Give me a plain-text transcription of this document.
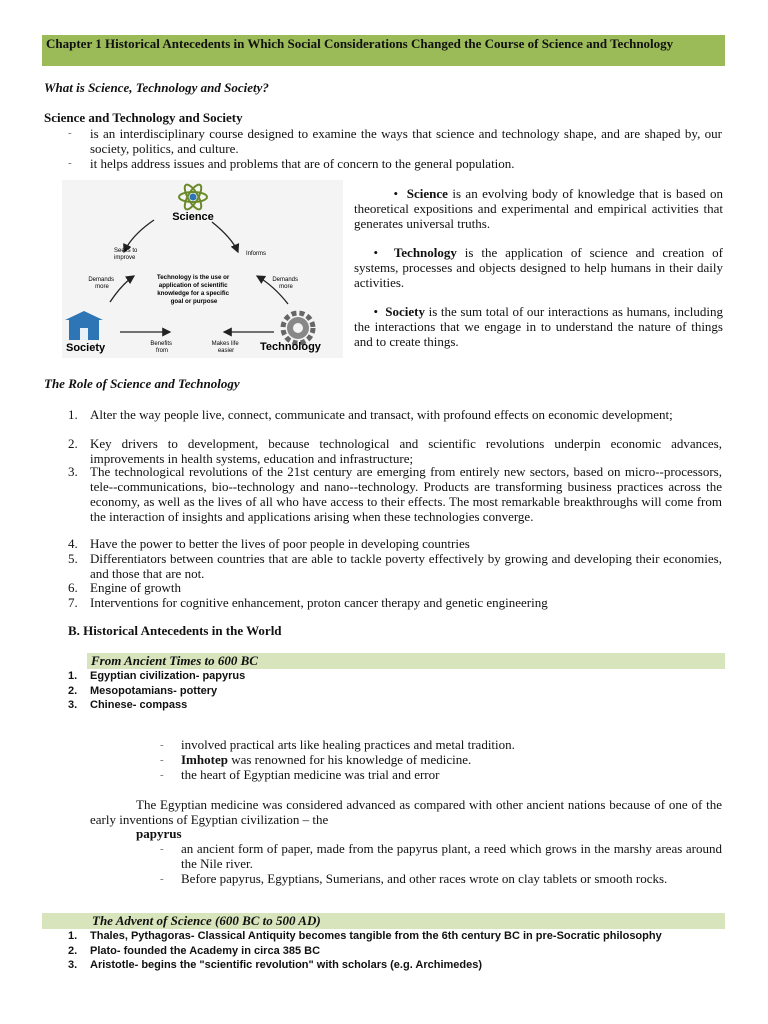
Chapter 1 Historical Antecedents in Which Social Considerations Changed the Course of Science and Technology
What is Science, Technology and Society?
Science and Technology and Society
- is an interdisciplinary course designed to examine the ways that science and technology shape, and are shaped by, our society, politics, and culture.
- it helps address issues and problems that are of concern to the general population.
Science
Society	Technology
Seeks to improve
Informs
Demands more
Demands more
Technology is the use or application of scientific knowledge for a specific goal or purpose
Benefits from
Makes life easier
• Science is an evolving body of knowledge that is based on theoretical expositions and experimental and empirical activities that generates universal truths.
• Technology is the application of science and creation of systems, processes and objects designed to help humans in their daily activities.
• Society is the sum total of our interactions as humans, including the interactions that we engage in to understand the nature of things and to create things.
The Role of Science and Technology
1. Alter the way people live, connect, communicate and transact, with profound effects on economic development;
2. Key drivers to development, because technological and scientific revolutions underpin economic advances, improvements in health systems, education and infrastructure;
3. The technological revolutions of the 21st century are emerging from entirely new sectors, based on micro--processors, tele--communications, bio--technology and nano--technology. Products are transforming business practices across the economy, as well as the lives of all who have access to their effects. The most remarkable breakthroughs will come from the interaction of insights and applications arising when these technologies converge.
4. Have the power to better the lives of poor people in developing countries
5. Differentiators between countries that are able to tackle poverty effectively by growing and developing their economies, and those that are not.
6. Engine of growth
7. Interventions for cognitive enhancement, proton cancer therapy and genetic engineering
B. Historical Antecedents in the World
From Ancient Times to 600 BC
1. Egyptian civilization- papyrus
2. Mesopotamians- pottery
3. Chinese- compass
- involved practical arts like healing practices and metal tradition.
- Imhotep was renowned for his knowledge of medicine.
- the heart of Egyptian medicine was trial and error
The Egyptian medicine was considered advanced as compared with other ancient nations because of one of the early inventions of Egyptian civilization – the
papyrus
- an ancient form of paper, made from the papyrus plant, a reed which grows in the marshy areas around the Nile river.
- Before papyrus, Egyptians, Sumerians, and other races wrote on clay tablets or smooth rocks.
The Advent of Science (600 BC to 500 AD)
1. Thales, Pythagoras- Classical Antiquity becomes tangible from the 6th century BC in pre-Socratic philosophy
2. Plato- founded the Academy in circa 385 BC
3. Aristotle- begins the "scientific revolution" with scholars (e.g. Archimedes)
